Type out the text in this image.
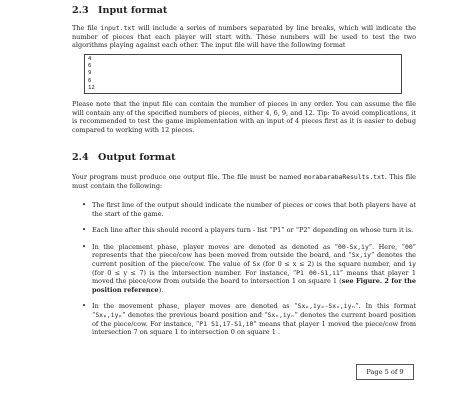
2.3 Input format

The file input.txt will include a series of numbers separated by line breaks, which will indicate the number of pieces that each player will start with. These numbers will be used to test the two algorithms playing against each other. The input file will have the following format

4
6
9
6
12

Please note that the input file can contain the number of pieces in any order. You can assume the file will contain any of the specified numbers of pieces, either 4, 6, 9, and 12. Tip: To avoid complications, it is recommended to test the game implementation with an input of 4 pieces first as it is easier to debug compared to working with 12 pieces.

2.4 Output format

Your program must produce one output file. The file must be named morabarabaResults.txt. This file must contain the following:

• The first line of the output should indicate the number of pieces or cows that both players have at the start of the game.
• Each line after this should record a players turn - list “P1” or “P2” depending on whose turn it is.
• In the placement phase, player moves are denoted as denoted as “00-Sx,iy”. Here, “00” represents that the piece/cow has been moved from outside the board, and “Sx,iy” denotes the current position of the piece/cow. The value of Sx (for 0 ≤ x ≤ 2) is the square number, and iy (for 0 ≤ y ≤ 7) is the intersection number. For instance, “P1 00-S1,i1” means that player 1 moved the piece/cow from outside the board to intersection 1 on square 1 (see Figure. 2 for the position reference).
• In the movement phase, player moves are denoted as “Sxₚ,iyₚ-Sxₙ,iyₙ”. In this format “Sxₚ,iyₚ” denotes the previous board position and “Sxₙ,iyₙ” denotes the current board position of the piece/cow. For instance, “P1 S1,i7-S1,i0” means that player 1 moved the piece/cow from intersection 7 on square 1 to intersection 0 on square 1 .
Page 5 of 9
